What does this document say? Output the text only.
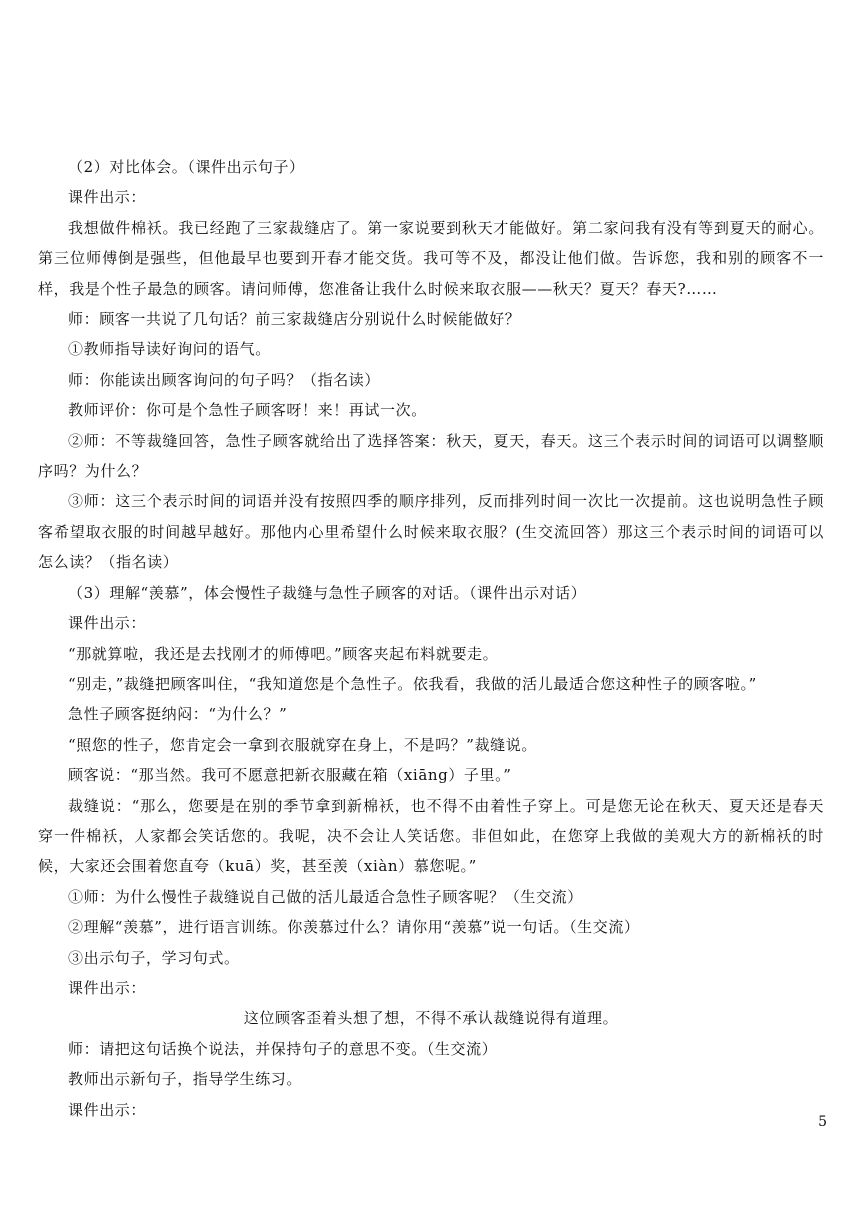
（2）对比体会。（课件出示句子）

课件出示：

我想做件棉袄。我已经跑了三家裁缝店了。第一家说要到秋天才能做好。第二家问我有没有等到夏天的耐心。第三位师傅倒是强些，但他最早也要到开春才能交货。我可等不及，都没让他们做。告诉您，我和别的顾客不一样，我是个性子最急的顾客。请问师傅，您准备让我什么时候来取衣服——秋天？夏天？春天?……

师：顾客一共说了几句话？前三家裁缝店分别说什么时候能做好？

①教师指导读好询问的语气。

师：你能读出顾客询问的句子吗？（指名读）

教师评价：你可是个急性子顾客呀！来！再试一次。

②师：不等裁缝回答，急性子顾客就给出了选择答案：秋天，夏天，春天。这三个表示时间的词语可以调整顺序吗？为什么？

③师：这三个表示时间的词语并没有按照四季的顺序排列，反而排列时间一次比一次提前。这也说明急性子顾客希望取衣服的时间越早越好。那他内心里希望什么时候来取衣服？(生交流回答）那这三个表示时间的词语可以怎么读？（指名读）

（3）理解“羡慕”，体会慢性子裁缝与急性子顾客的对话。（课件出示对话）

课件出示：

“那就算啦，我还是去找刚才的师傅吧。”顾客夹起布料就要走。

“别走，”裁缝把顾客叫住，“我知道您是个急性子。依我看，我做的活儿最适合您这种性子的顾客啦。”

急性子顾客挺纳闷：“为什么？”

“照您的性子，您肯定会一拿到衣服就穿在身上，不是吗？”裁缝说。

顾客说：“那当然。我可不愿意把新衣服藏在箱（xiāng）子里。”

裁缝说：“那么，您要是在别的季节拿到新棉袄，也不得不由着性子穿上。可是您无论在秋天、夏天还是春天穿一件棉袄，人家都会笑话您的。我呢，决不会让人笑话您。非但如此，在您穿上我做的美观大方的新棉袄的时候，大家还会围着您直夸（kuā）奖，甚至羡（xiàn）慕您呢。”

①师：为什么慢性子裁缝说自己做的活儿最适合急性子顾客呢？（生交流）

②理解“羡慕”，进行语言训练。你羡慕过什么？请你用“羡慕”说一句话。（生交流）

③出示句子，学习句式。

课件出示：

这位顾客歪着头想了想，不得不承认裁缝说得有道理。

师：请把这句话换个说法，并保持句子的意思不变。（生交流）

教师出示新句子，指导学生练习。

课件出示：

5
